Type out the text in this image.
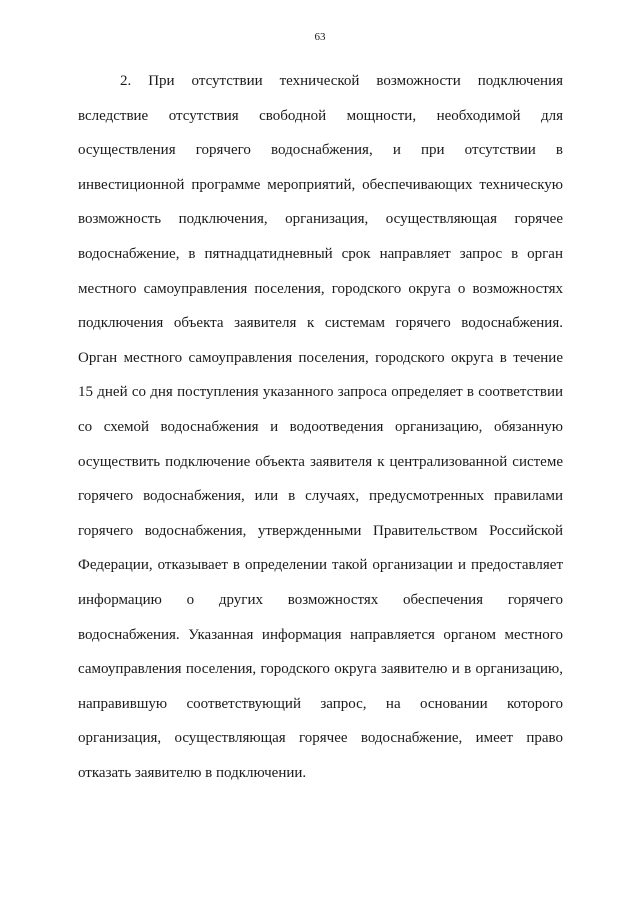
63
2. При отсутствии технической возможности подключения
вследствие отсутствия свободной мощности, необходимой для
осуществления горячего водоснабжения, и при отсутствии в
инвестиционной программе мероприятий, обеспечивающих техническую
возможность подключения, организация, осуществляющая горячее
водоснабжение, в пятнадцатидневный срок направляет запрос в орган
местного самоуправления поселения, городского округа о возможностях
подключения объекта заявителя к системам горячего водоснабжения.
Орган местного самоуправления поселения, городского округа в течение
15 дней со дня поступления указанного запроса определяет в соответствии
со схемой водоснабжения и водоотведения организацию, обязанную
осуществить подключение объекта заявителя к централизованной системе
горячего водоснабжения, или в случаях, предусмотренных правилами
горячего водоснабжения, утвержденными Правительством Российской
Федерации, отказывает в определении такой организации и предоставляет
информацию о других возможностях обеспечения горячего
водоснабжения. Указанная информация направляется органом местного
самоуправления поселения, городского округа заявителю и в организацию,
направившую соответствующий запрос, на основании которого
организация, осуществляющая горячее водоснабжение, имеет право
отказать заявителю в подключении.
